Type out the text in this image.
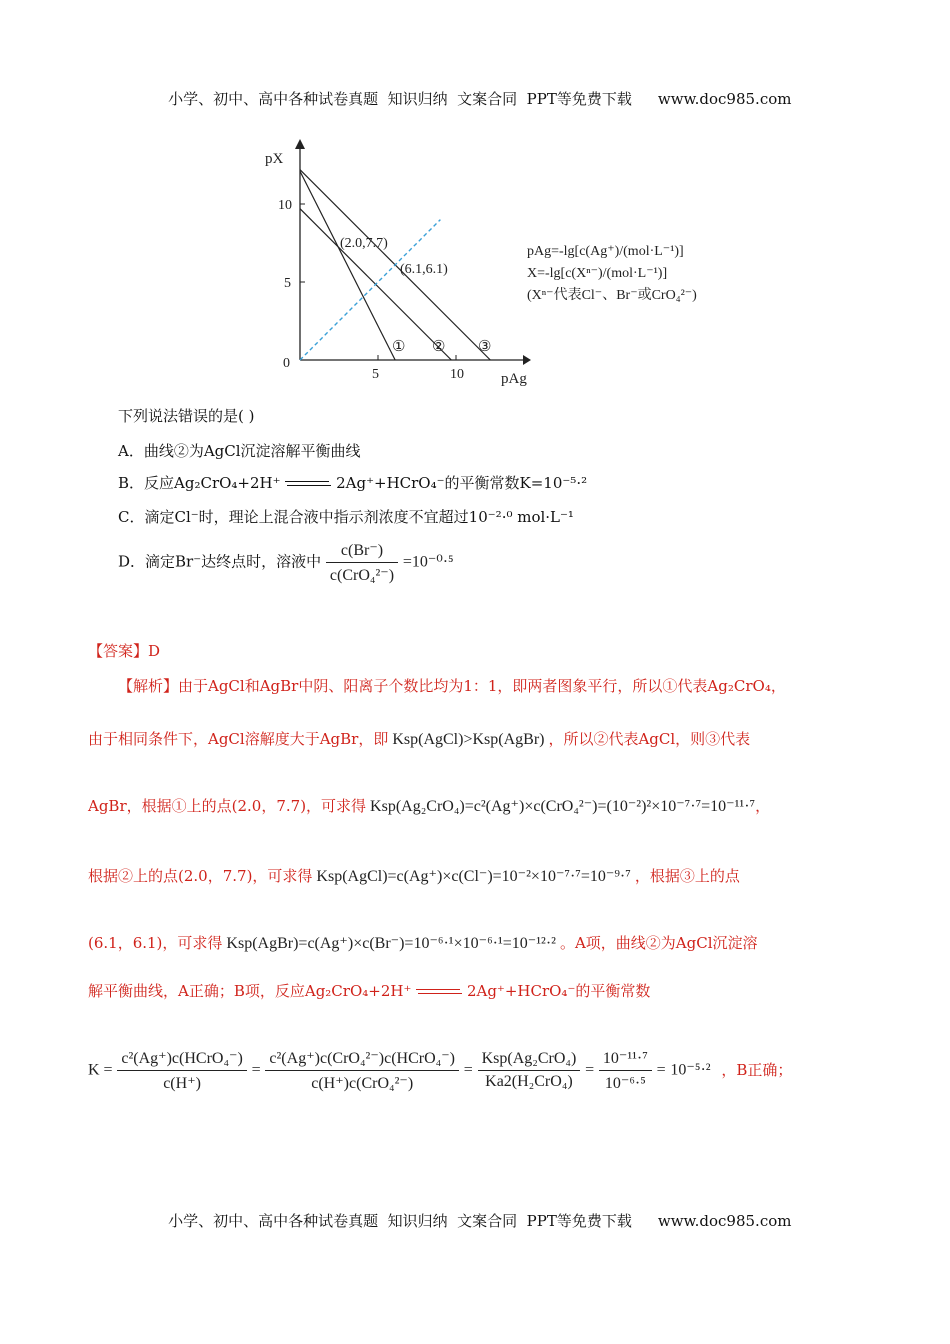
小学、初中、高中各种试卷真题  知识归纳  文案合同  PPT等免费下载 www.doc985.com

pX
pAg
0
5
5
10
10
① ② ③
(2.0,7.7)
(6.1,6.1)
pAg=-lg[c(Ag⁺)/(mol·L⁻¹)]
X=-lg[c(Xⁿ⁻)/(mol·L⁻¹)]
(Xⁿ⁻代表Cl⁻、Br⁻或CrO₄²⁻)
下列说法错误的是( )
A．曲线②为AgCl沉淀溶解平衡曲线
B．反应Ag₂CrO₄+2H⁺	2Ag⁺+HCrO₄⁻的平衡常数K=10⁻⁵·²
C．滴定Cl⁻时，理论上混合液中指示剂浓度不宜超过10⁻²·⁰ mol·L⁻¹
D．滴定Br⁻达终点时，溶液中 $\frac{c(Br^-)}{\text{c(CrO₄²⁻)}} =10^{-0}\cdot^5$
【答案】D
【解析】由于AgCl和AgBr中阴、阳离子个数比均为1：1，即两者图象平行，所以①代表Ag₂CrO₄，
由于相同条件下，AgCl溶解度大于AgBr，即 Ksp(AgCl)>Ksp(AgBr) ，所以②代表AgCl，则③代表
AgBr，根据①上的点(2.0，7.7)，可求得 Ksp(Ag₂CrO₄)=c²(Ag⁺)×c(CrO₄²⁻)=(10⁻²)²×10⁻⁷·⁷=10⁻¹¹·⁷，
根据②上的点(2.0，7.7)，可求得 Ksp(AgCl)=c(Ag⁺)×c(Cl⁻)=10⁻²×10⁻⁷·⁷=10⁻⁹·⁷ ，根据③上的点
(6.1，6.1)，可求得 Ksp(AgBr)=c(Ag⁺)×c(Br⁻)=10⁻⁶·¹×10⁻⁶·¹=10⁻¹²·² 。A项，曲线②为AgCl沉淀溶
解平衡曲线，A正确；B项，反应Ag₂CrO₄+2H⁺	2Ag⁺+HCrO₄⁻的平衡常数
$K = \frac{\text{c²(Ag⁺)c(HCrO₄⁻)}}{c(H^+)} = \frac{\text{c²(Ag⁺)c(CrO₄²⁻)c(HCrO₄⁻)}}{\text{c(H⁺)c(CrO₄²⁻)}} = \frac{\text{Ksp(Ag₂CrO₄)}}{\text{Ka2(H₂CrO₄)}} = \frac{\text{10⁻¹¹·⁷}}{\text{10⁻⁶·⁵}} = 10^{-5}\cdot^2$ ，B正确；

小学、初中、高中各种试卷真题  知识归纳  文案合同  PPT等免费下载 www.doc985.com
